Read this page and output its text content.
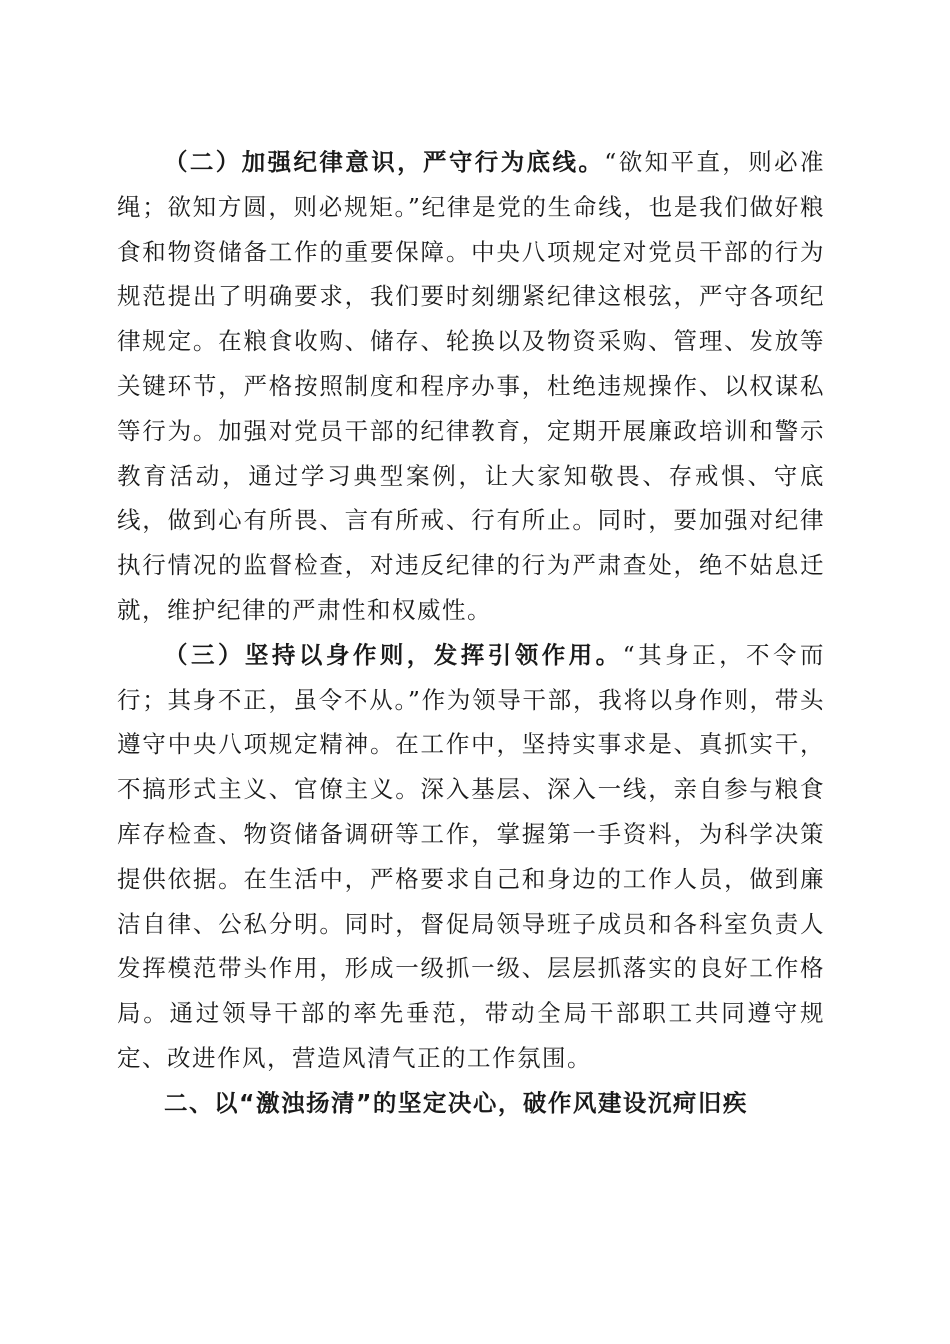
（二）加强纪律意识，严守行为底线。“欲知平直，则必准绳；欲知方圆，则必规矩。”纪律是党的生命线，也是我们做好粮食和物资储备工作的重要保障。中央八项规定对党员干部的行为规范提出了明确要求，我们要时刻绷紧纪律这根弦，严守各项纪律规定。在粮食收购、储存、轮换以及物资采购、管理、发放等关键环节，严格按照制度和程序办事，杜绝违规操作、以权谋私等行为。加强对党员干部的纪律教育，定期开展廉政培训和警示教育活动，通过学习典型案例，让大家知敬畏、存戒惧、守底线，做到心有所畏、言有所戒、行有所止。同时，要加强对纪律执行情况的监督检查，对违反纪律的行为严肃查处，绝不姑息迁就，维护纪律的严肃性和权威性。

（三）坚持以身作则，发挥引领作用。“其身正，不令而行；其身不正，虽令不从。”作为领导干部，我将以身作则，带头遵守中央八项规定精神。在工作中，坚持实事求是、真抓实干，不搞形式主义、官僚主义。深入基层、深入一线，亲自参与粮食库存检查、物资储备调研等工作，掌握第一手资料，为科学决策提供依据。在生活中，严格要求自己和身边的工作人员，做到廉洁自律、公私分明。同时，督促局领导班子成员和各科室负责人发挥模范带头作用，形成一级抓一级、层层抓落实的良好工作格局。通过领导干部的率先垂范，带动全局干部职工共同遵守规定、改进作风，营造风清气正的工作氛围。

二、以“激浊扬清”的坚定决心，破作风建设沉疴旧疾
